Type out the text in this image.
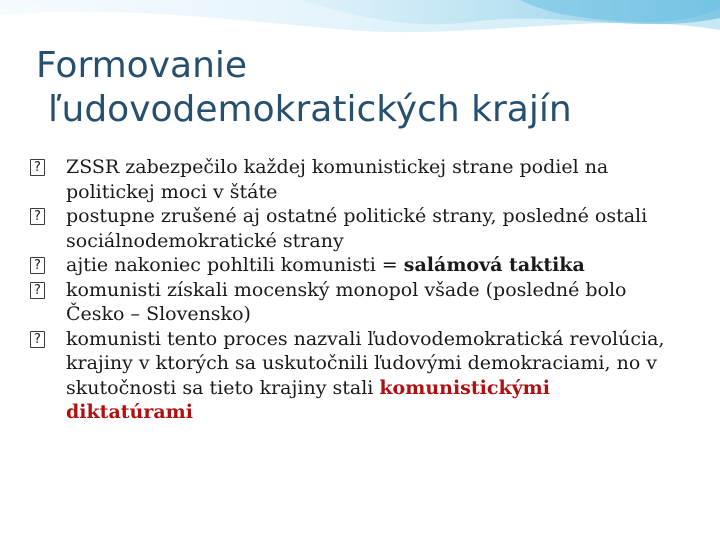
Formovanie
ľudovodemokratických krajín
? ZSSR zabezpečilo každej komunistickej strane podiel na politickej moci v štáte
? postupne zrušené aj ostatné politické strany, posledné ostali sociálnodemokratické strany
? ajtie nakoniec pohltili komunisti = salámová taktika
? komunisti získali mocenský monopol všade (posledné bolo Česko – Slovensko)
? komunisti tento proces nazvali ľudovodemokratická revolúcia, krajiny v ktorých sa uskutočnili ľudovými demokraciami, no v skutočnosti sa tieto krajiny stali komunistickými diktatúrami
